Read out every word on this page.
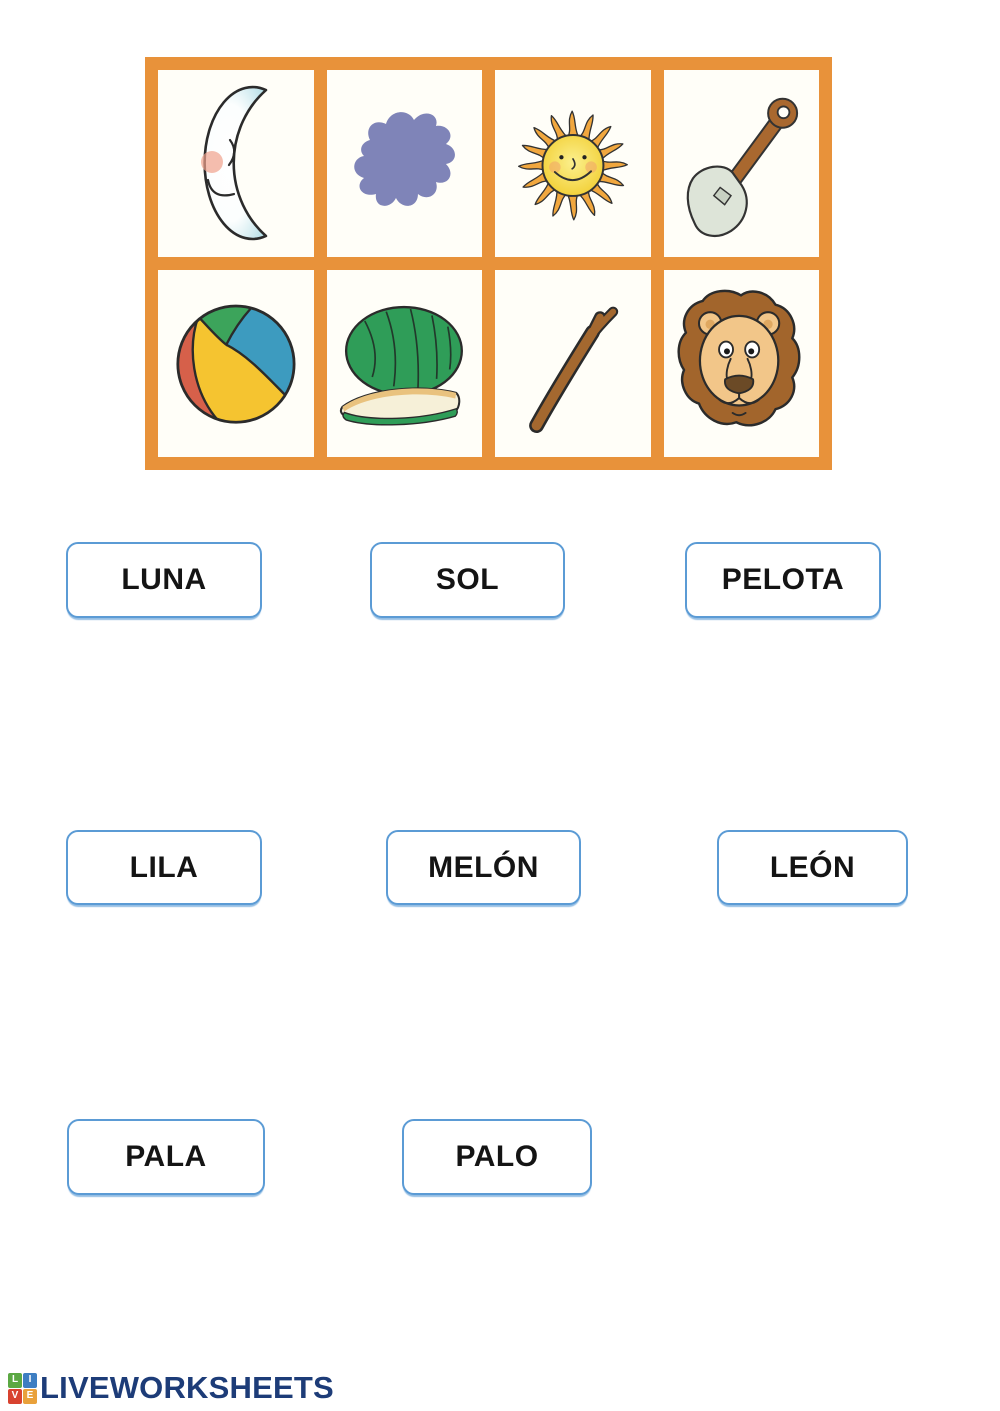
LUNA	SOL	PELOTA
LILA	MELÓN	LEÓN
PALA	PALO
L	I
V E LIVEWORKSHEETS
